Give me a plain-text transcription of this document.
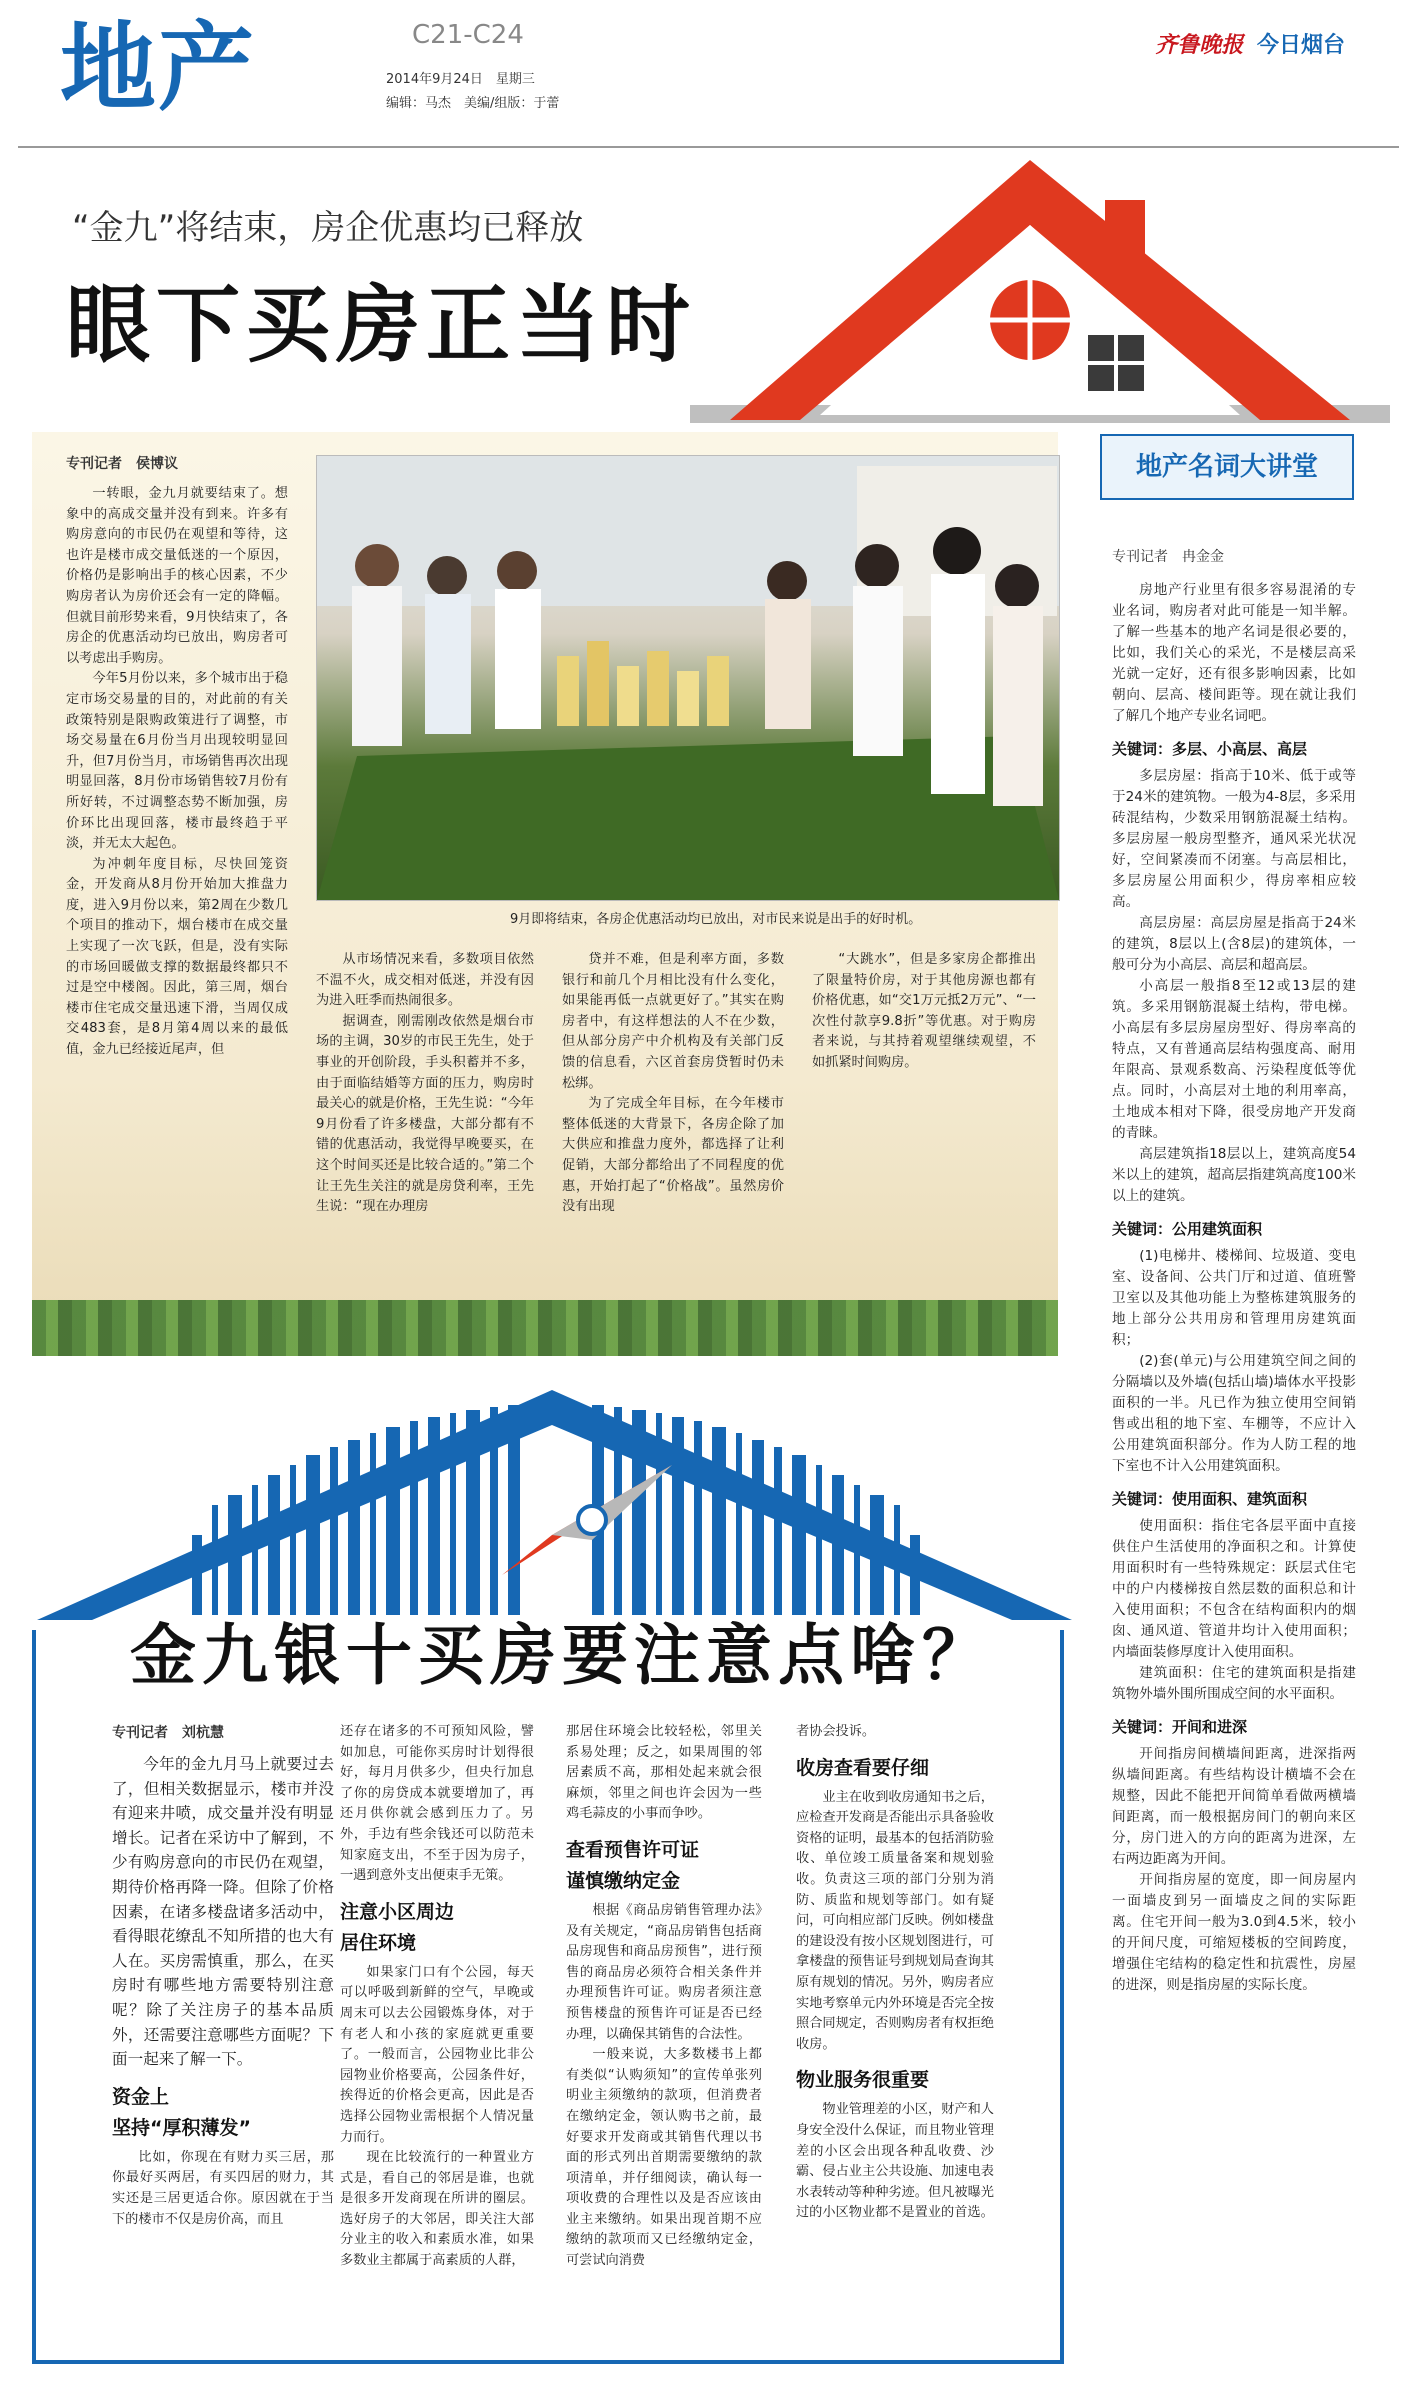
地产	C21-C24
2014年9月24日　星期三
编辑：马杰　美编/组版：于蕾
齐鲁晚报 今日烟台
“金九”将结束，房企优惠均已释放
眼下买房正当时
专刊记者　侯博议

一转眼，金九月就要结束了。想象中的高成交量并没有到来。许多有购房意向的市民仍在观望和等待，这也许是楼市成交量低迷的一个原因，价格仍是影响出手的核心因素，不少购房者认为房价还会有一定的降幅。但就目前形势来看，9月快结束了，各房企的优惠活动均已放出，购房者可以考虑出手购房。

今年5月份以来，多个城市出于稳定市场交易量的目的，对此前的有关政策特别是限购政策进行了调整，市场交易量在6月份当月出现较明显回升，但7月份当月，市场销售再次出现明显回落，8月份市场销售较7月份有所好转，不过调整态势不断加强，房价环比出现回落，楼市最终趋于平淡，并无太大起色。

为冲刺年度目标，尽快回笼资金，开发商从8月份开始加大推盘力度，进入9月份以来，第2周在少数几个项目的推动下，烟台楼市在成交量上实现了一次飞跃，但是，没有实际的市场回暖做支撑的数据最终都只不过是空中楼阁。因此，第三周，烟台楼市住宅成交量迅速下滑，当周仅成交483套，是8月第4周以来的最低值，金九已经接近尾声，但

9月即将结束，各房企优惠活动均已放出，对市民来说是出手的好时机。

从市场情况来看，多数项目依然不温不火，成交相对低迷，并没有因为进入旺季而热闹很多。

据调查，刚需刚改依然是烟台市场的主调，30岁的市民王先生，处于事业的开创阶段，手头积蓄并不多，由于面临结婚等方面的压力，购房时最关心的就是价格，王先生说：“今年9月份看了许多楼盘，大部分都有不错的优惠活动，我觉得早晚要买，在这个时间买还是比较合适的。”第二个让王先生关注的就是房贷利率，王先生说：“现在办理房

贷并不难，但是利率方面，多数银行和前几个月相比没有什么变化，如果能再低一点就更好了。”其实在购房者中，有这样想法的人不在少数，但从部分房产中介机构及有关部门反馈的信息看，六区首套房贷暂时仍未松绑。

为了完成全年目标，在今年楼市整体低迷的大背景下，各房企除了加大供应和推盘力度外，都选择了让利促销，大部分都给出了不同程度的优惠，开始打起了“价格战”。虽然房价没有出现

“大跳水”，但是多家房企都推出了限量特价房，对于其他房源也都有价格优惠，如“交1万元抵2万元”、“一次性付款享9.8折”等优惠。对于购房者来说，与其持着观望继续观望，不如抓紧时间购房。

地产名词大讲堂
专刊记者　冉金金

房地产行业里有很多容易混淆的专业名词，购房者对此可能是一知半解。了解一些基本的地产名词是很必要的，比如，我们关心的采光，不是楼层高采光就一定好，还有很多影响因素，比如朝向、层高、楼间距等。现在就让我们了解几个地产专业名词吧。

关键词：多层、小高层、高层

多层房屋：指高于10米、低于或等于24米的建筑物。一般为4-8层，多采用砖混结构，少数采用钢筋混凝土结构。多层房屋一般房型整齐，通风采光状况好，空间紧凑而不闭塞。与高层相比，多层房屋公用面积少，得房率相应较高。

高层房屋：高层房屋是指高于24米的建筑，8层以上(含8层)的建筑体，一般可分为小高层、高层和超高层。

小高层一般指8至12或13层的建筑。多采用钢筋混凝土结构，带电梯。小高层有多层房屋房型好、得房率高的特点，又有普通高层结构强度高、耐用年限高、景观系数高、污染程度低等优点。同时，小高层对土地的利用率高，土地成本相对下降，很受房地产开发商的青睐。

高层建筑指18层以上，建筑高度54米以上的建筑，超高层指建筑高度100米以上的建筑。

关键词：公用建筑面积

(1)电梯井、楼梯间、垃圾道、变电室、设备间、公共门厅和过道、值班警卫室以及其他功能上为整栋建筑服务的地上部分公共用房和管理用房建筑面积；

(2)套(单元)与公用建筑空间之间的分隔墙以及外墙(包括山墙)墙体水平投影面积的一半。凡已作为独立使用空间销售或出租的地下室、车棚等，不应计入公用建筑面积部分。作为人防工程的地下室也不计入公用建筑面积。

关键词：使用面积、建筑面积

使用面积：指住宅各层平面中直接供住户生活使用的净面积之和。计算使用面积时有一些特殊规定：跃层式住宅中的户内楼梯按自然层数的面积总和计入使用面积；不包含在结构面积内的烟囱、通风道、管道井均计入使用面积；内墙面装修厚度计入使用面积。

建筑面积：住宅的建筑面积是指建筑物外墙外围所围成空间的水平面积。

关键词：开间和进深

开间指房间横墙间距离，进深指两纵墙间距离。有些结构设计横墙不会在规整，因此不能把开间简单看做两横墙间距离，而一般根据房间门的朝向来区分，房门进入的方向的距离为进深，左右两边距离为开间。

开间指房屋的宽度，即一间房屋内一面墙皮到另一面墙皮之间的实际距离。住宅开间一般为3.0到4.5米，较小的开间尺度，可缩短楼板的空间跨度，增强住宅结构的稳定性和抗震性，房屋的进深，则是指房屋的实际长度。

金九银十买房要注意点啥？
专刊记者　刘杭慧

今年的金九月马上就要过去了，但相关数据显示，楼市并没有迎来井喷，成交量并没有明显增长。记者在采访中了解到，不少有购房意向的市民仍在观望，期待价格再降一降。但除了价格因素，在诸多楼盘诸多活动中，看得眼花缭乱不知所措的也大有人在。买房需慎重，那么，在买房时有哪些地方需要特别注意呢？除了关注房子的基本品质外，还需要注意哪些方面呢？下面一起来了解一下。

资金上
坚持“厚积薄发”

比如，你现在有财力买三居，那你最好买两居，有买四居的财力，其实还是三居更适合你。原因就在于当下的楼市不仅是房价高，而且

还存在诸多的不可预知风险，譬如加息，可能你买房时计划得很好，每月月供多少，但央行加息了你的房贷成本就要增加了，再还月供你就会感到压力了。另外，手边有些余钱还可以防范未知家庭支出，不至于因为房子，一遇到意外支出便束手无策。

注意小区周边
居住环境

如果家门口有个公园，每天可以呼吸到新鲜的空气，早晚或周末可以去公园锻炼身体，对于有老人和小孩的家庭就更重要了。一般而言，公园物业比非公园物业价格要高，公园条件好，挨得近的价格会更高，因此是否选择公园物业需根据个人情况量力而行。

现在比较流行的一种置业方式是，看自己的邻居是谁，也就是很多开发商现在所讲的圈层。选好房子的大邻居，即关注大部分业主的收入和素质水准，如果多数业主都属于高素质的人群，

那居住环境会比较轻松，邻里关系易处理；反之，如果周围的邻居素质不高，那相处起来就会很麻烦，邻里之间也许会因为一些鸡毛蒜皮的小事而争吵。

查看预售许可证
谨慎缴纳定金

根据《商品房销售管理办法》及有关规定，“商品房销售包括商品房现售和商品房预售”，进行预售的商品房必须符合相关条件并办理预售许可证。购房者须注意预售楼盘的预售许可证是否已经办理，以确保其销售的合法性。

一般来说，大多数楼书上都有类似“认购须知”的宣传单张列明业主须缴纳的款项，但消费者在缴纳定金，领认购书之前，最好要求开发商或其销售代理以书面的形式列出首期需要缴纳的款项清单，并仔细阅读，确认每一项收费的合理性以及是否应该由业主来缴纳。如果出现首期不应缴纳的款项而又已经缴纳定金，可尝试向消费

者协会投诉。

收房查看要仔细

业主在收到收房通知书之后，应检查开发商是否能出示具备验收资格的证明，最基本的包括消防验收、单位竣工质量备案和规划验收。负责这三项的部门分别为消防、质监和规划等部门。如有疑问，可向相应部门反映。例如楼盘的建设没有按小区规划图进行，可拿楼盘的预售证号到规划局查询其原有规划的情况。另外，购房者应实地考察单元内外环境是否完全按照合同规定，否则购房者有权拒绝收房。

物业服务很重要

物业管理差的小区，财产和人身安全没什么保证，而且物业管理差的小区会出现各种乱收费、沙霸、侵占业主公共设施、加速电表水表转动等种种劣迹。但凡被曝光过的小区物业都不是置业的首选。
